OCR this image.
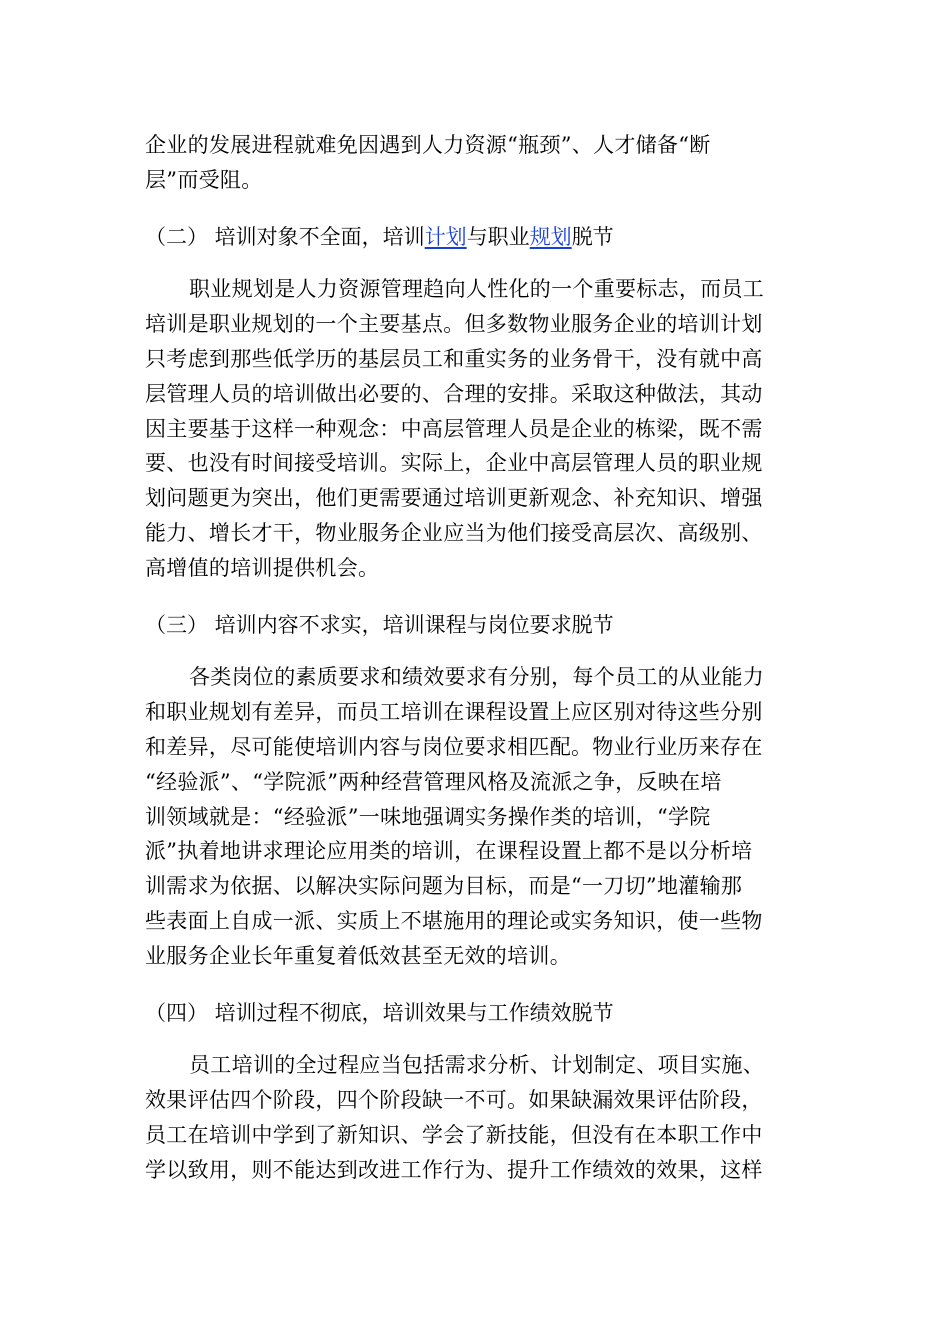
企业的发展进程就难免因遇到人力资源“瓶颈”、人才储备“断
层”而受阻。
（二） 培训对象不全面，培训计划与职业规划脱节
职业规划是人力资源管理趋向人性化的一个重要标志，而员工
培训是职业规划的一个主要基点。但多数物业服务企业的培训计划
只考虑到那些低学历的基层员工和重实务的业务骨干，没有就中高
层管理人员的培训做出必要的、合理的安排。采取这种做法，其动
因主要基于这样一种观念：中高层管理人员是企业的栋梁，既不需
要、也没有时间接受培训。实际上，企业中高层管理人员的职业规
划问题更为突出，他们更需要通过培训更新观念、补充知识、增强
能力、增长才干，物业服务企业应当为他们接受高层次、高级别、
高增值的培训提供机会。
（三） 培训内容不求实，培训课程与岗位要求脱节
各类岗位的素质要求和绩效要求有分别，每个员工的从业能力
和职业规划有差异，而员工培训在课程设置上应区别对待这些分别
和差异，尽可能使培训内容与岗位要求相匹配。物业行业历来存在
“经验派”、“学院派”两种经营管理风格及流派之争，反映在培
训领域就是：“经验派”一味地强调实务操作类的培训，“学院
派”执着地讲求理论应用类的培训，在课程设置上都不是以分析培
训需求为依据、以解决实际问题为目标，而是“一刀切”地灌输那
些表面上自成一派、实质上不堪施用的理论或实务知识，使一些物
业服务企业长年重复着低效甚至无效的培训。
（四） 培训过程不彻底，培训效果与工作绩效脱节
员工培训的全过程应当包括需求分析、计划制定、项目实施、
效果评估四个阶段，四个阶段缺一不可。如果缺漏效果评估阶段，
员工在培训中学到了新知识、学会了新技能，但没有在本职工作中
学以致用，则不能达到改进工作行为、提升工作绩效的效果，这样
